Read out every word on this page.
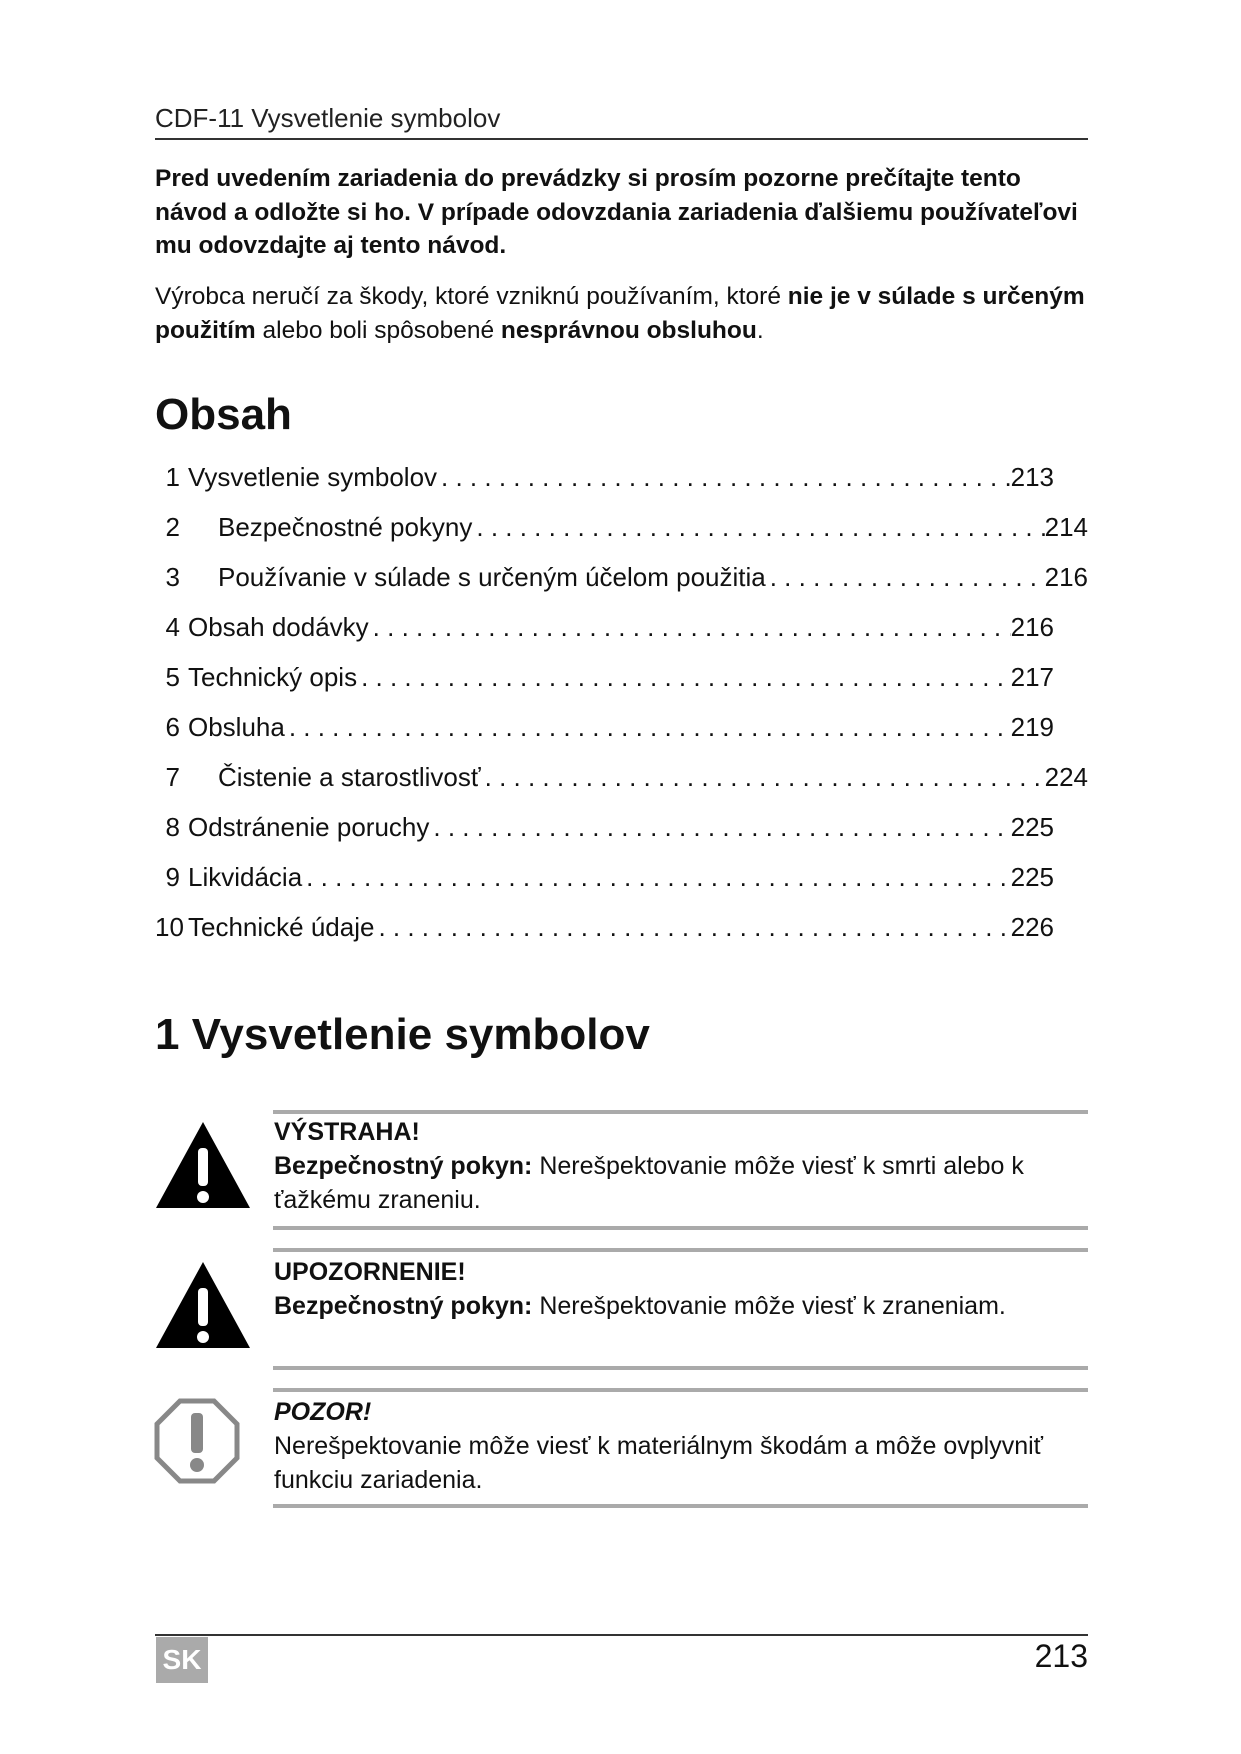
CDF-11 Vysvetlenie symbolov
Pred uvedením zariadenia do prevádzky si prosím pozorne prečítajte tento návod a odložte si ho. V prípade odovzdania zariadenia ďalšiemu používateľovi mu odovzdajte aj tento návod.
Výrobca neručí za škody, ktoré vzniknú používaním, ktoré nie je v súlade s určeným použitím alebo boli spôsobené nesprávnou obsluhou.
Obsah
1 Vysvetlenie symbolov . . .	213
2	Bezpečnostné pokyny . . .	214
3	Používanie v súlade s určeným účelom použitia . . .	216
4 Obsah dodávky . . .	216
5 Technický opis . . .	217
6 Obsluha . . .	219
7	Čistenie a starostlivosť . . .	224
8 Odstránenie poruchy . . .	225
9 Likvidácia . . .	225
10 Technické údaje . . .	226
1 Vysvetlenie symbolov
VÝSTRAHA!
Bezpečnostný pokyn: Nerešpektovanie môže viesť k smrti alebo k ťažkému zraneniu.
UPOZORNENIE!
Bezpečnostný pokyn: Nerešpektovanie môže viesť k zraneniam.
POZOR!
Nerešpektovanie môže viesť k materiálnym škodám a môže ovplyvniť funkciu zariadenia.
SK	213
